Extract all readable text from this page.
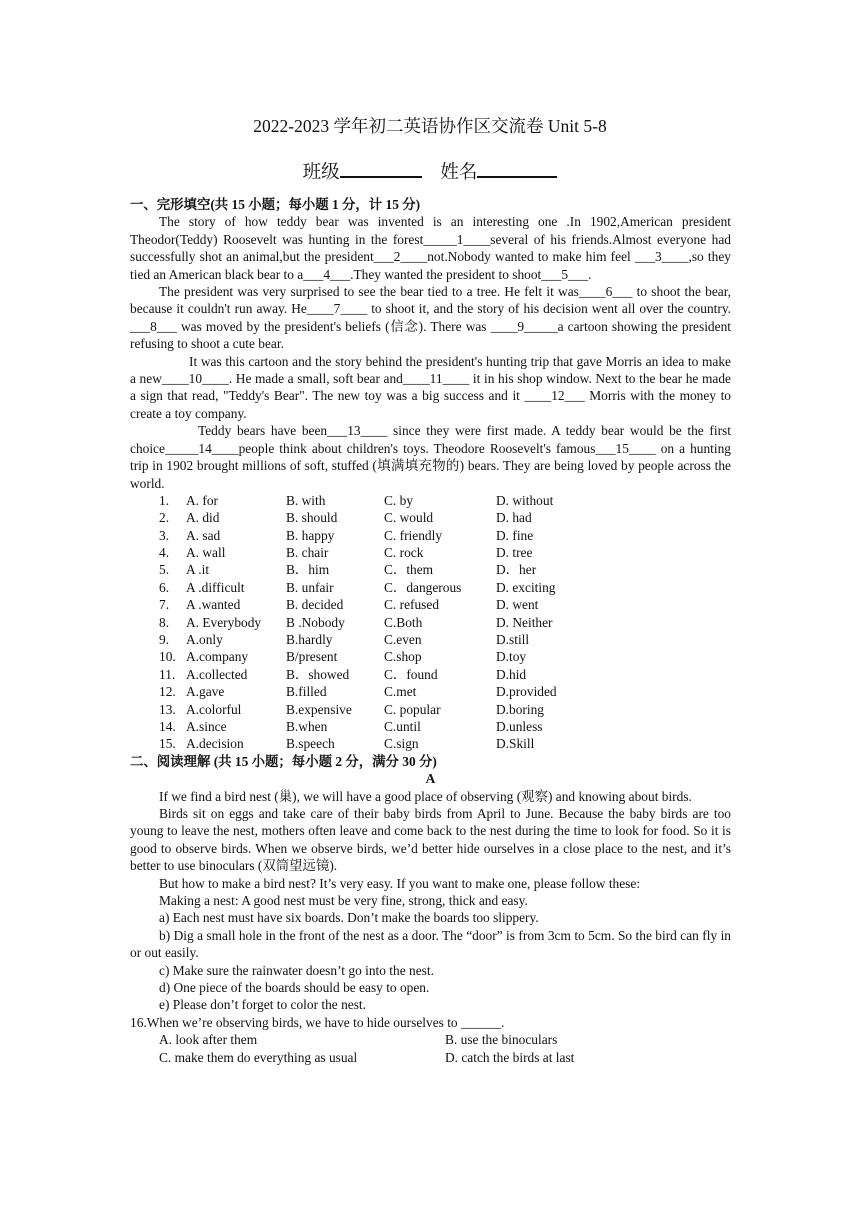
2022-2023 学年初二英语协作区交流卷 Unit 5-8
班级	姓名
一、完形填空(共 15 小题；每小题 1 分，计 15 分)

The story of how teddy bear was invented is an interesting one .In 1902,American president Theodor(Teddy) Roosevelt was hunting in the forest_____1____several of his friends.Almost everyone had successfully shot an animal,but the president___2____not.Nobody wanted to make him feel ___3____,so they tied an American black bear to a___4___.They wanted the president to shoot___5___.

The president was very surprised to see the bear tied to a tree. He felt it was____6___ to shoot the bear, because it couldn't run away. He____7____ to shoot it, and the story of his decision went all over the country. ___8___ was moved by the president's beliefs (信念). There was ____9_____a cartoon showing the president refusing to shoot a cute bear.

It was this cartoon and the story behind the president's hunting trip that gave Morris an idea to make a new____10____. He made a small, soft bear and____11____ it in his shop window. Next to the bear he made a sign that read, "Teddy's Bear". The new toy was a big success and it ____12___ Morris with the money to create a toy company.

Teddy bears have been___13____ since they were first made. A teddy bear would be the first choice_____14____people think about children's toys. Theodore Roosevelt's famous___15____ on a hunting trip in 1902 brought millions of soft, stuffed (填满填充物的) bears. They are being loved by people across the world.

1.	A. for	B. with	C. by	D. without
2.	A. did	B. should	C. would	D. had
3.	A. sad	B. happy	C. friendly	D. fine
4.	A. wall	B. chair	C. rock	D. tree
5.	A .it	B．him	C．them	D．her
6.	A .difficult	B. unfair	C．dangerous	D. exciting
7.	A .wanted	B. decided	C. refused	D. went
8.	A. Everybody	B .Nobody	C.Both	D. Neither
9.	A.only	B.hardly	C.even	D.still
10. A.company	B/present	C.shop	D.toy
11. A.collected	B．showed	C．found	D.hid
12. A.gave	B.filled	C.met	D.provided
13. A.colorful	B.expensive	C. popular	D.boring
14. A.since	B.when	C.until	D.unless
15. A.decision	B.speech	C.sign	D.Skill
二、阅读理解 (共 15 小题；每小题 2 分，满分 30 分)
A

If we find a bird nest (巢), we will have a good place of observing (观察) and knowing about birds.

Birds sit on eggs and take care of their baby birds from April to June. Because the baby birds are too young to leave the nest, mothers often leave and come back to the nest during the time to look for food. So it is good to observe birds. When we observe birds, we’d better hide ourselves in a close place to the nest, and it’s better to use binoculars (双筒望远镜).

But how to make a bird nest? It’s very easy. If you want to make one, please follow these:

Making a nest: A good nest must be very fine, strong, thick and easy.

a) Each nest must have six boards. Don’t make the boards too slippery.

b) Dig a small hole in the front of the nest as a door. The “door” is from 3cm to 5cm. So the bird can fly in or out easily.

c) Make sure the rainwater doesn’t go into the nest.

d) One piece of the boards should be easy to open.

e) Please don’t forget to color the nest.

16.When we’re observing birds, we have to hide ourselves to ______.

A. look after them	B. use the binoculars
C. make them do everything as usual	D. catch the birds at last
